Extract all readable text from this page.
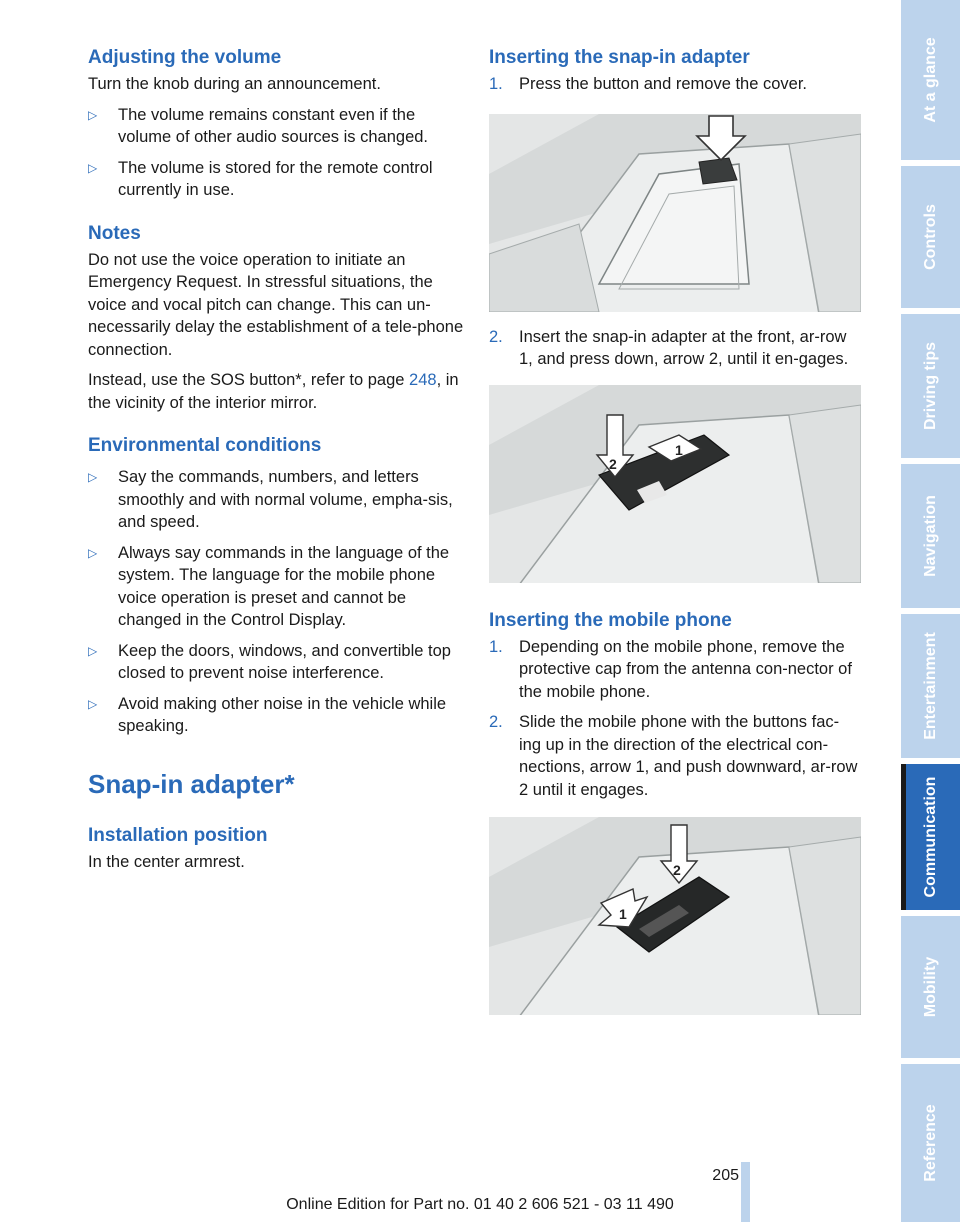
Adjusting the volume

Turn the knob during an announcement.

▷ The volume remains constant even if the volume of other audio sources is changed.
▷ The volume is stored for the remote control currently in use.
Notes

Do not use the voice operation to initiate an Emergency Request. In stressful situations, the voice and vocal pitch can change. This can un-necessarily delay the establishment of a tele-phone connection.

Instead, use the SOS button*, refer to page 248, in the vicinity of the interior mirror.

Environmental conditions
▷ Say the commands, numbers, and letters smoothly and with normal volume, empha-sis, and speed.
▷ Always say commands in the language of the system. The language for the mobile phone voice operation is preset and cannot be changed in the Control Display.
▷ Keep the doors, windows, and convertible top closed to prevent noise interference.
▷ Avoid making other noise in the vehicle while speaking.
Snap-in adapter*
Installation position

In the center armrest.

Inserting the snap-in adapter
1. Press the button and remove the cover.
2. Insert the snap-in adapter at the front, ar-row 1, and press down, arrow 2, until it en-gages.
1
2
Inserting the mobile phone
1. Depending on the mobile phone, remove the protective cap from the antenna con-nector of the mobile phone.
2. Slide the mobile phone with the buttons fac-ing up in the direction of the electrical con-nections, arrow 1, and push downward, ar-row 2 until it engages.
1
2
At a glance
Controls
Driving tips
Navigation
Entertainment
Communication
Mobility
Reference
205
Online Edition for Part no. 01 40 2 606 521 - 03 11 490
